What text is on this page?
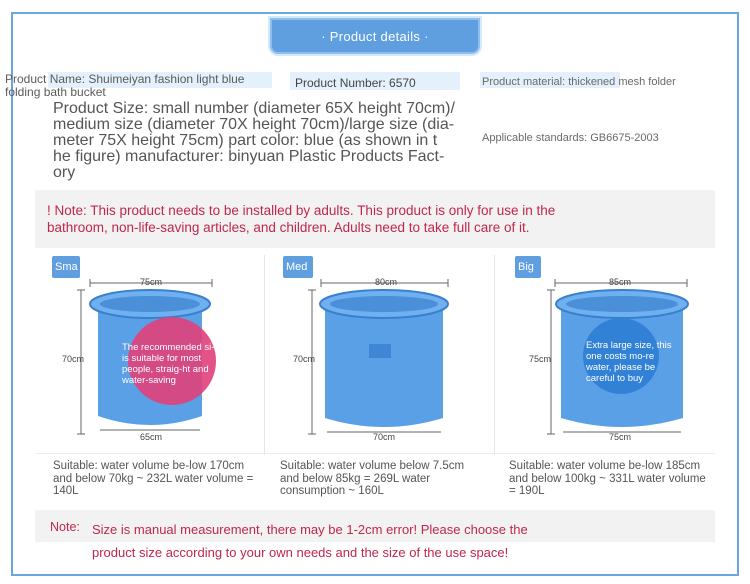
· Product details ·
Product Name: Shuimeiyan fashion light blue folding bath bucket
Product Number: 6570	Product material: thickened mesh folder
Applicable standards: GB6675-2003
Product Size: small number (diameter 65X height 70cm)/
medium size (diameter 70X height 70cm)/large size (dia-
meter 75X height 75cm) part color: blue (as shown in t
he figure) manufacturer: binyuan Plastic Products Fact-
ory

! Note: This product needs to be installed by adults. This product is only for use in the bathroom, non-life-saving articles, and children. Adults need to take full care of it.

Sma
75cm
70cm
65cm
The recommended si-ze is suitable for most people, straig-ht and water-saving
Med
80cm
70cm
70cm
Big
85cm
75cm
75cm
Extra large size, this one costs mo-re water, please be careful to buy
Suitable: water volume be-low 170cm and below 70kg ~ 232L water volume = 140L
Suitable: water volume below 7.5cm and below 85kg = 269L water consumption ~ 160L
Suitable: water volume be-low 185cm and below 100kg ~ 331L water volume = 190L
Note: Size is manual measurement, there may be 1-2cm error! Please choose the
product size according to your own needs and the size of the use space!
